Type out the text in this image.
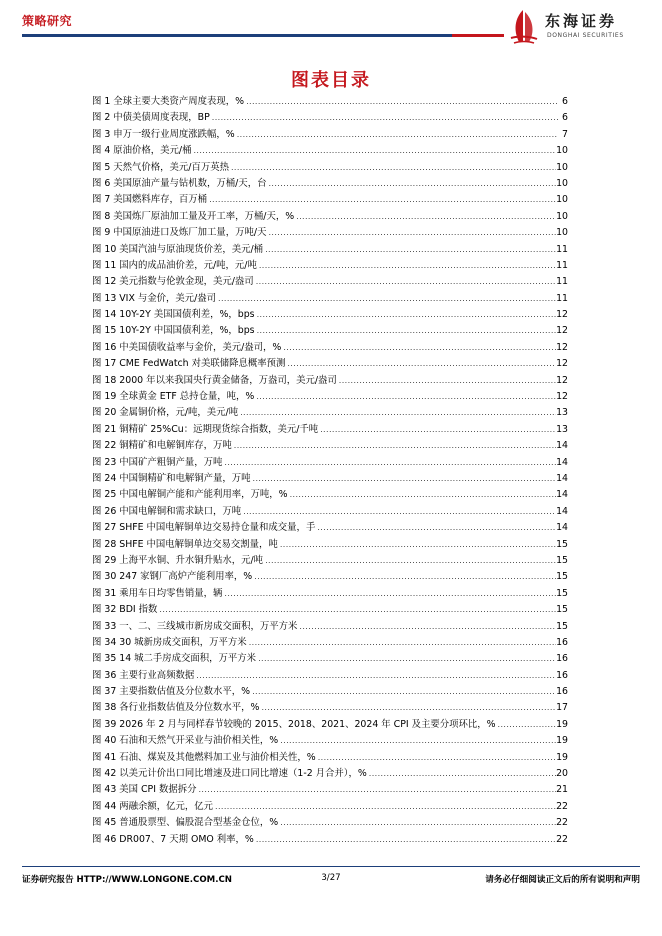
策略研究	东海证券
DONGHAI SECURITIES
图表目录
图 1 全球主要大类资产周度表现，% .....	6
图 2 中债美债周度表现，BP .....	6
图 3 申万一级行业周度涨跌幅，% .....	7
图 4 原油价格，美元/桶 .....	10
图 5 天然气价格，美元/百万英热 .....	10
图 6 美国原油产量与钻机数，万桶/天，台 .....	10
图 7 美国燃料库存，百万桶 .....	10
图 8 美国炼厂原油加工量及开工率，万桶/天，% .....	10
图 9 中国原油进口及炼厂加工量，万吨/天 .....	10
图 10 美国汽油与原油现货价差，美元/桶 .....	11
图 11 国内的成品油价差，元/吨，元/吨 .....	11
图 12 美元指数与伦敦金现，美元/盎司 .....	11
图 13 VIX 与金价，美元/盎司 .....	11
图 14 10Y-2Y 美国国债利差，%，bps .....	12
图 15 10Y-2Y 中国国债利差，%，bps .....	12
图 16 中美国债收益率与金价，美元/盎司，% .....	12
图 17 CME FedWatch 对美联储降息概率预测 .....	12
图 18 2000 年以来我国央行黄金储备，万盎司，美元/盎司 .....	12
图 19 全球黄金 ETF 总持仓量，吨，% .....	12
图 20 金属铜价格，元/吨，美元/吨 .....	13
图 21 铜精矿 25%Cu：远期现货综合指数，美元/千吨 .....	13
图 22 铜精矿和电解铜库存，万吨 .....	14
图 23 中国矿产粗铜产量，万吨 .....	14
图 24 中国铜精矿和电解铜产量，万吨 .....	14
图 25 中国电解铜产能和产能利用率，万吨，% .....	14
图 26 中国电解铜和需求缺口，万吨 .....	14
图 27 SHFE 中国电解铜单边交易持仓量和成交量，手 .....	14
图 28 SHFE 中国电解铜单边交易交割量，吨 .....	15
图 29 上海平水铜、升水铜升贴水，元/吨 .....	15
图 30 247 家钢厂高炉产能利用率，% .....	15
图 31 乘用车日均零售销量，辆 .....	15
图 32 BDI 指数 .....	15
图 33 一、二、三线城市新房成交面积，万平方米 .....	15
图 34 30 城新房成交面积，万平方米 .....	16
图 35 14 城二手房成交面积，万平方米 .....	16
图 36 主要行业高频数据 .....	16
图 37 主要指数估值及分位数水平，% .....	16
图 38 各行业指数估值及分位数水平，% .....	17
图 39 2026 年 2 月与同样春节较晚的 2015、2018、2021、2024 年 CPI 及主要分项环比，% .....	19
图 40 石油和天然气开采业与油价相关性，% .....	19
图 41 石油、煤炭及其他燃料加工业与油价相关性，% .....	19
图 42 以美元计价出口同比增速及进口同比增速（1-2 月合并），% .....	20
图 43 美国 CPI 数据拆分 .....	21
图 44 两融余额，亿元，亿元 .....	22
图 45 普通股票型、偏股混合型基金仓位，% .....	22
图 46 DR007、7 天期 OMO 利率，% .....	22
证券研究报告 HTTP://WWW.LONGONE.COM.CN	3/27	请务必仔细阅读正文后的所有说明和声明
